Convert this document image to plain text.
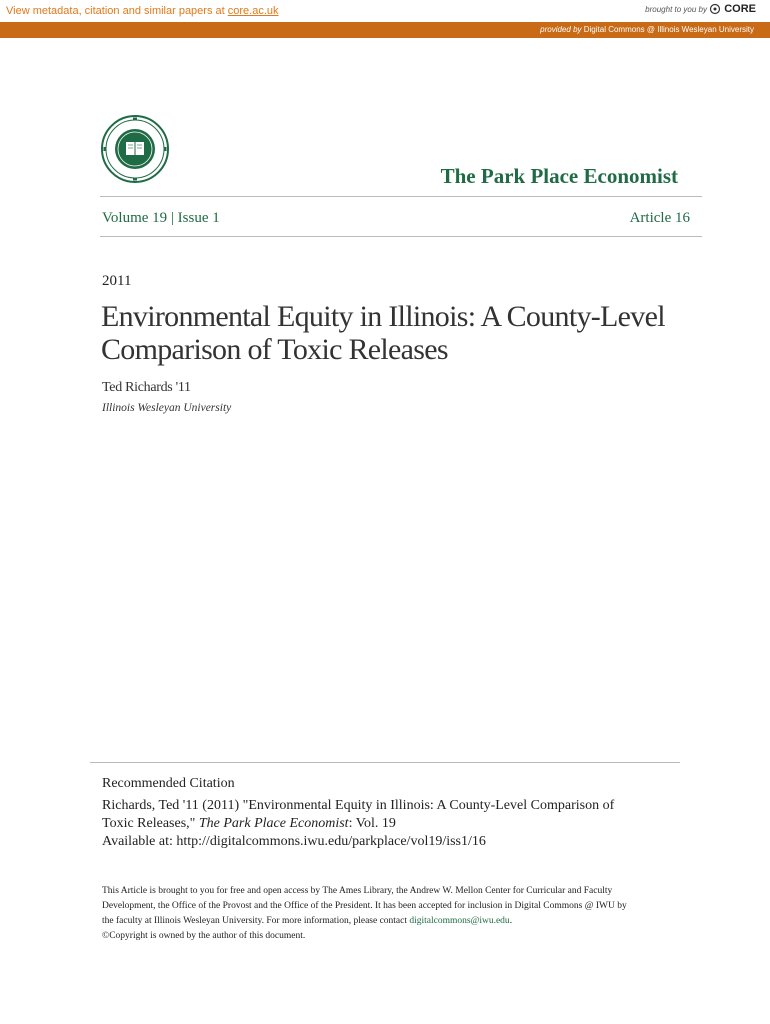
View metadata, citation and similar papers at core.ac.uk	brought to you by CORE
provided by Digital Commons @ Illinois Wesleyan University
The Park Place Economist
Volume 19 | Issue 1	Article 16
2011
Environmental Equity in Illinois: A County-Level Comparison of Toxic Releases
Ted Richards '11
Illinois Wesleyan University
Recommended Citation
Richards, Ted '11 (2011) "Environmental Equity in Illinois: A County-Level Comparison of
Toxic Releases," The Park Place Economist: Vol. 19
Available at: http://digitalcommons.iwu.edu/parkplace/vol19/iss1/16
This Article is brought to you for free and open access by The Ames Library, the Andrew W. Mellon Center for Curricular and Faculty
Development, the Office of the Provost and the Office of the President. It has been accepted for inclusion in Digital Commons @ IWU by
the faculty at Illinois Wesleyan University. For more information, please contact digitalcommons@iwu.edu.
©Copyright is owned by the author of this document.
